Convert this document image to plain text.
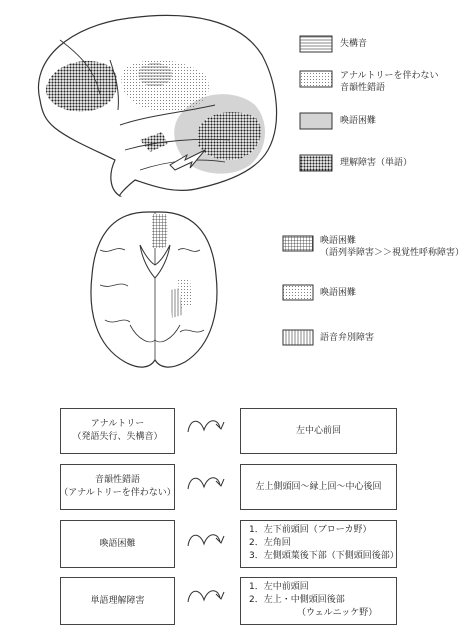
失構音
アナルトリーを伴わない
音韻性錯語
喚語困難
理解障害（単語）
喚語困難
（語列挙障害＞＞視覚性呼称障害）
喚語困難
語音弁別障害
アナルトリー
（発語失行、失構音）
左中心前回
音韻性錯語
（アナルトリーを伴わない）
左上側頭回～縁上回～中心後回
喚語困難
1．左下前頭回（ブローカ野）
2．左角回
3．左側頭葉後下部（下側頭回後部）
単語理解障害
1．左中前頭回
2．左上・中側頭回後部
（ウェルニッケ野）
